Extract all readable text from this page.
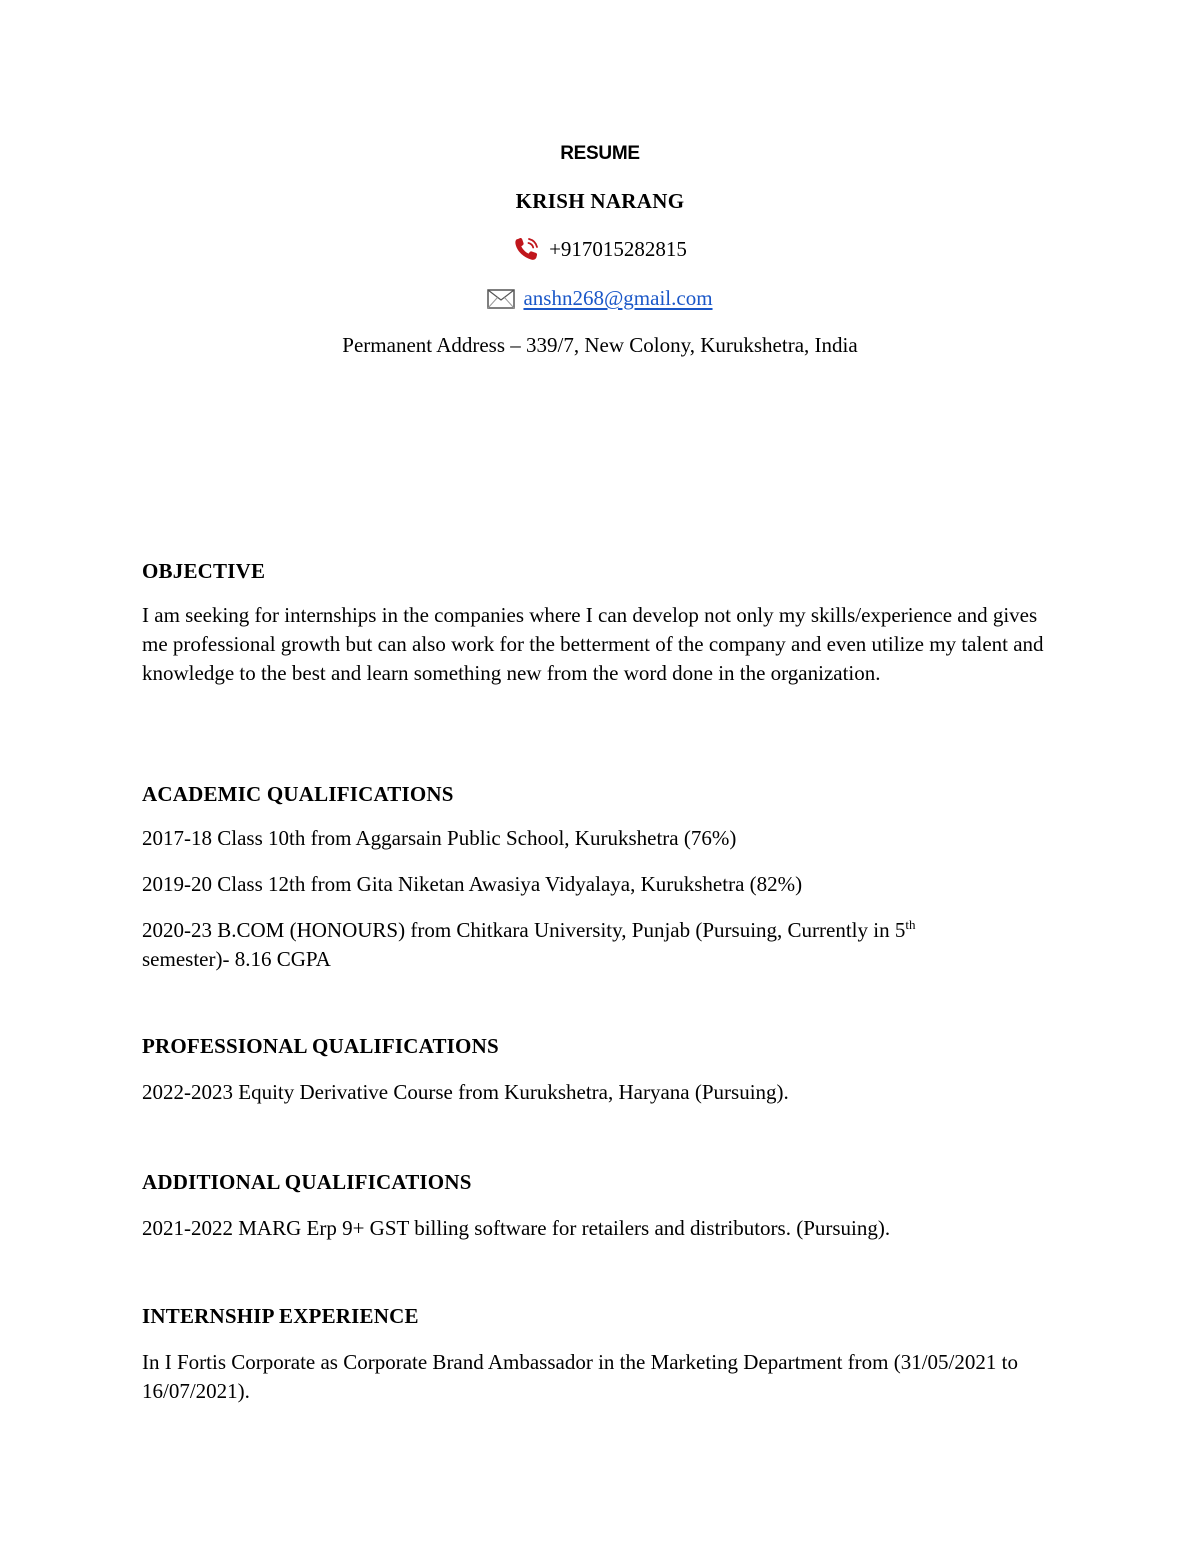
RESUME
KRISH NARANG
+917015282815
anshn268@gmail.com
Permanent Address – 339/7, New Colony, Kurukshetra, India
OBJECTIVE

I am seeking for internships in the companies where I can develop not only my skills/experience and gives me professional growth but can also work for the betterment of the company and even utilize my talent and knowledge to the best and learn something new from the word done in the organization.

ACADEMIC QUALIFICATIONS

2017-18 Class 10th from Aggarsain Public School, Kurukshetra (76%)

2019-20 Class 12th from Gita Niketan Awasiya Vidyalaya, Kurukshetra (82%)

2020-23 B.COM (HONOURS) from Chitkara University, Punjab (Pursuing, Currently in 5th
semester)- 8.16 CGPA

PROFESSIONAL QUALIFICATIONS

2022-2023 Equity Derivative Course from Kurukshetra, Haryana (Pursuing).

ADDITIONAL QUALIFICATIONS

2021-2022 MARG Erp 9+ GST billing software for retailers and distributors. (Pursuing).

INTERNSHIP EXPERIENCE

In I Fortis Corporate as Corporate Brand Ambassador in the Marketing Department from (31/05/2021 to 16/07/2021).
